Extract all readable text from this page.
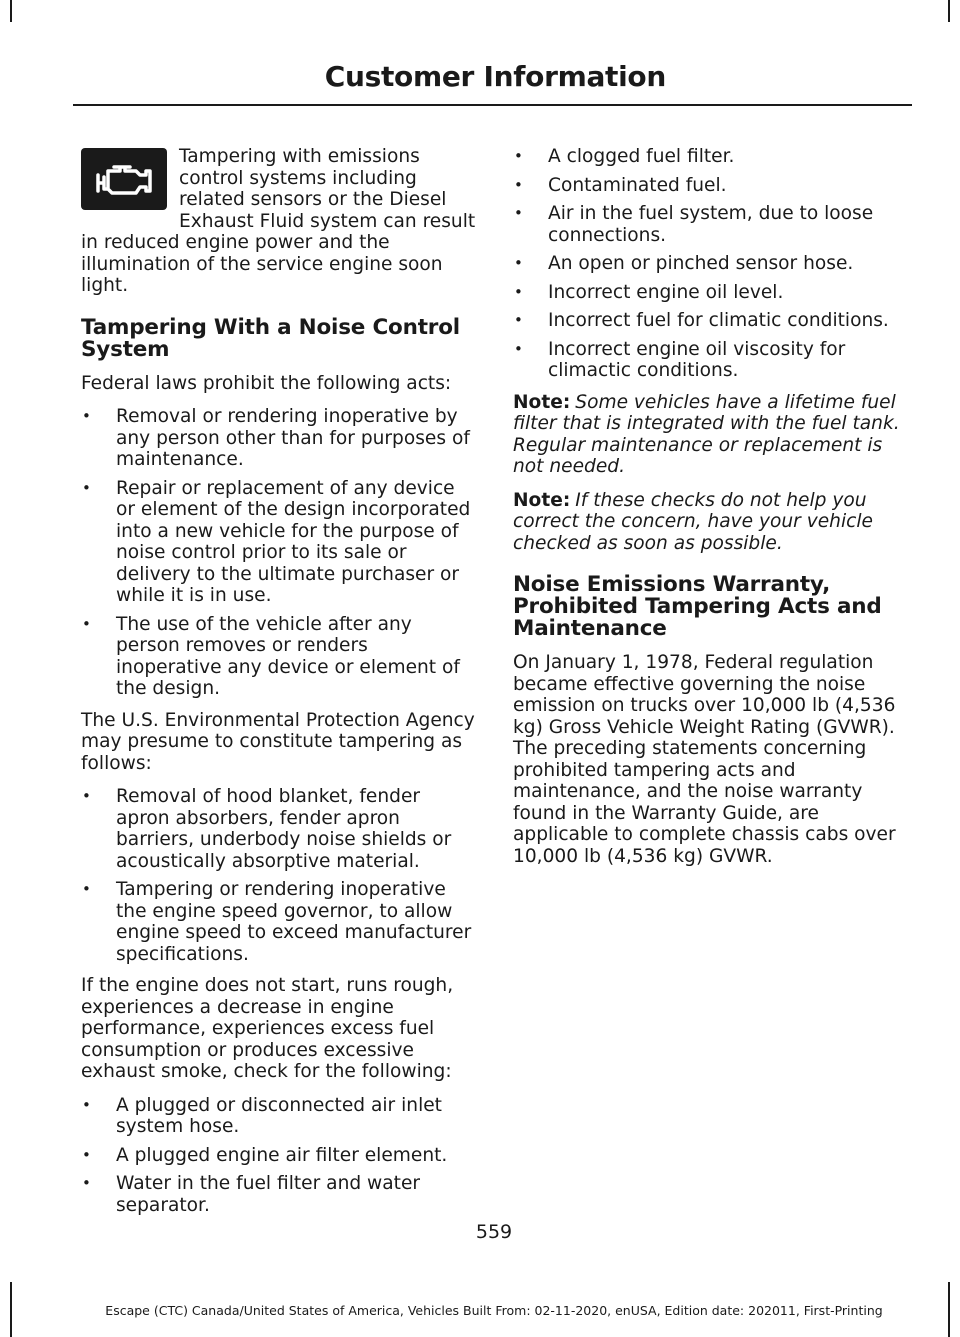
Customer Information
Tampering with emissions control systems including related sensors or the Diesel Exhaust Fluid system can result in reduced engine power and the illumination of the service engine soon light.
Tampering With a Noise Control System

Federal laws prohibit the following acts:

• Removal or rendering inoperative by any person other than for purposes of maintenance.
• Repair or replacement of any device or element of the design incorporated into a new vehicle for the purpose of noise control prior to its sale or delivery to the ultimate purchaser or while it is in use.
• The use of the vehicle after any person removes or renders inoperative any device or element of the design.

The U.S. Environmental Protection Agency may presume to constitute tampering as follows:

• Removal of hood blanket, fender apron absorbers, fender apron barriers, underbody noise shields or acoustically absorptive material.
• Tampering or rendering inoperative the engine speed governor, to allow engine speed to exceed manufacturer specifications.

If the engine does not start, runs rough, experiences a decrease in engine performance, experiences excess fuel consumption or produces excessive exhaust smoke, check for the following:

• A plugged or disconnected air inlet system hose.
• A plugged engine air filter element.
• Water in the fuel filter and water separator.
• A clogged fuel filter.
• Contaminated fuel.
• Air in the fuel system, due to loose connections.
• An open or pinched sensor hose.
• Incorrect engine oil level.
• Incorrect fuel for climatic conditions.
• Incorrect engine oil viscosity for climactic conditions.

Note: Some vehicles have a lifetime fuel filter that is integrated with the fuel tank. Regular maintenance or replacement is not needed.

Note: If these checks do not help you correct the concern, have your vehicle checked as soon as possible.

Noise Emissions Warranty, Prohibited Tampering Acts and Maintenance

On January 1, 1978, Federal regulation became effective governing the noise emission on trucks over 10,000 lb (4,536 kg) Gross Vehicle Weight Rating (GVWR). The preceding statements concerning prohibited tampering acts and maintenance, and the noise warranty found in the Warranty Guide, are applicable to complete chassis cabs over 10,000 lb (4,536 kg) GVWR.

559
Escape (CTC) Canada/United States of America, Vehicles Built From: 02-11-2020, enUSA, Edition date: 202011, First-Printing
